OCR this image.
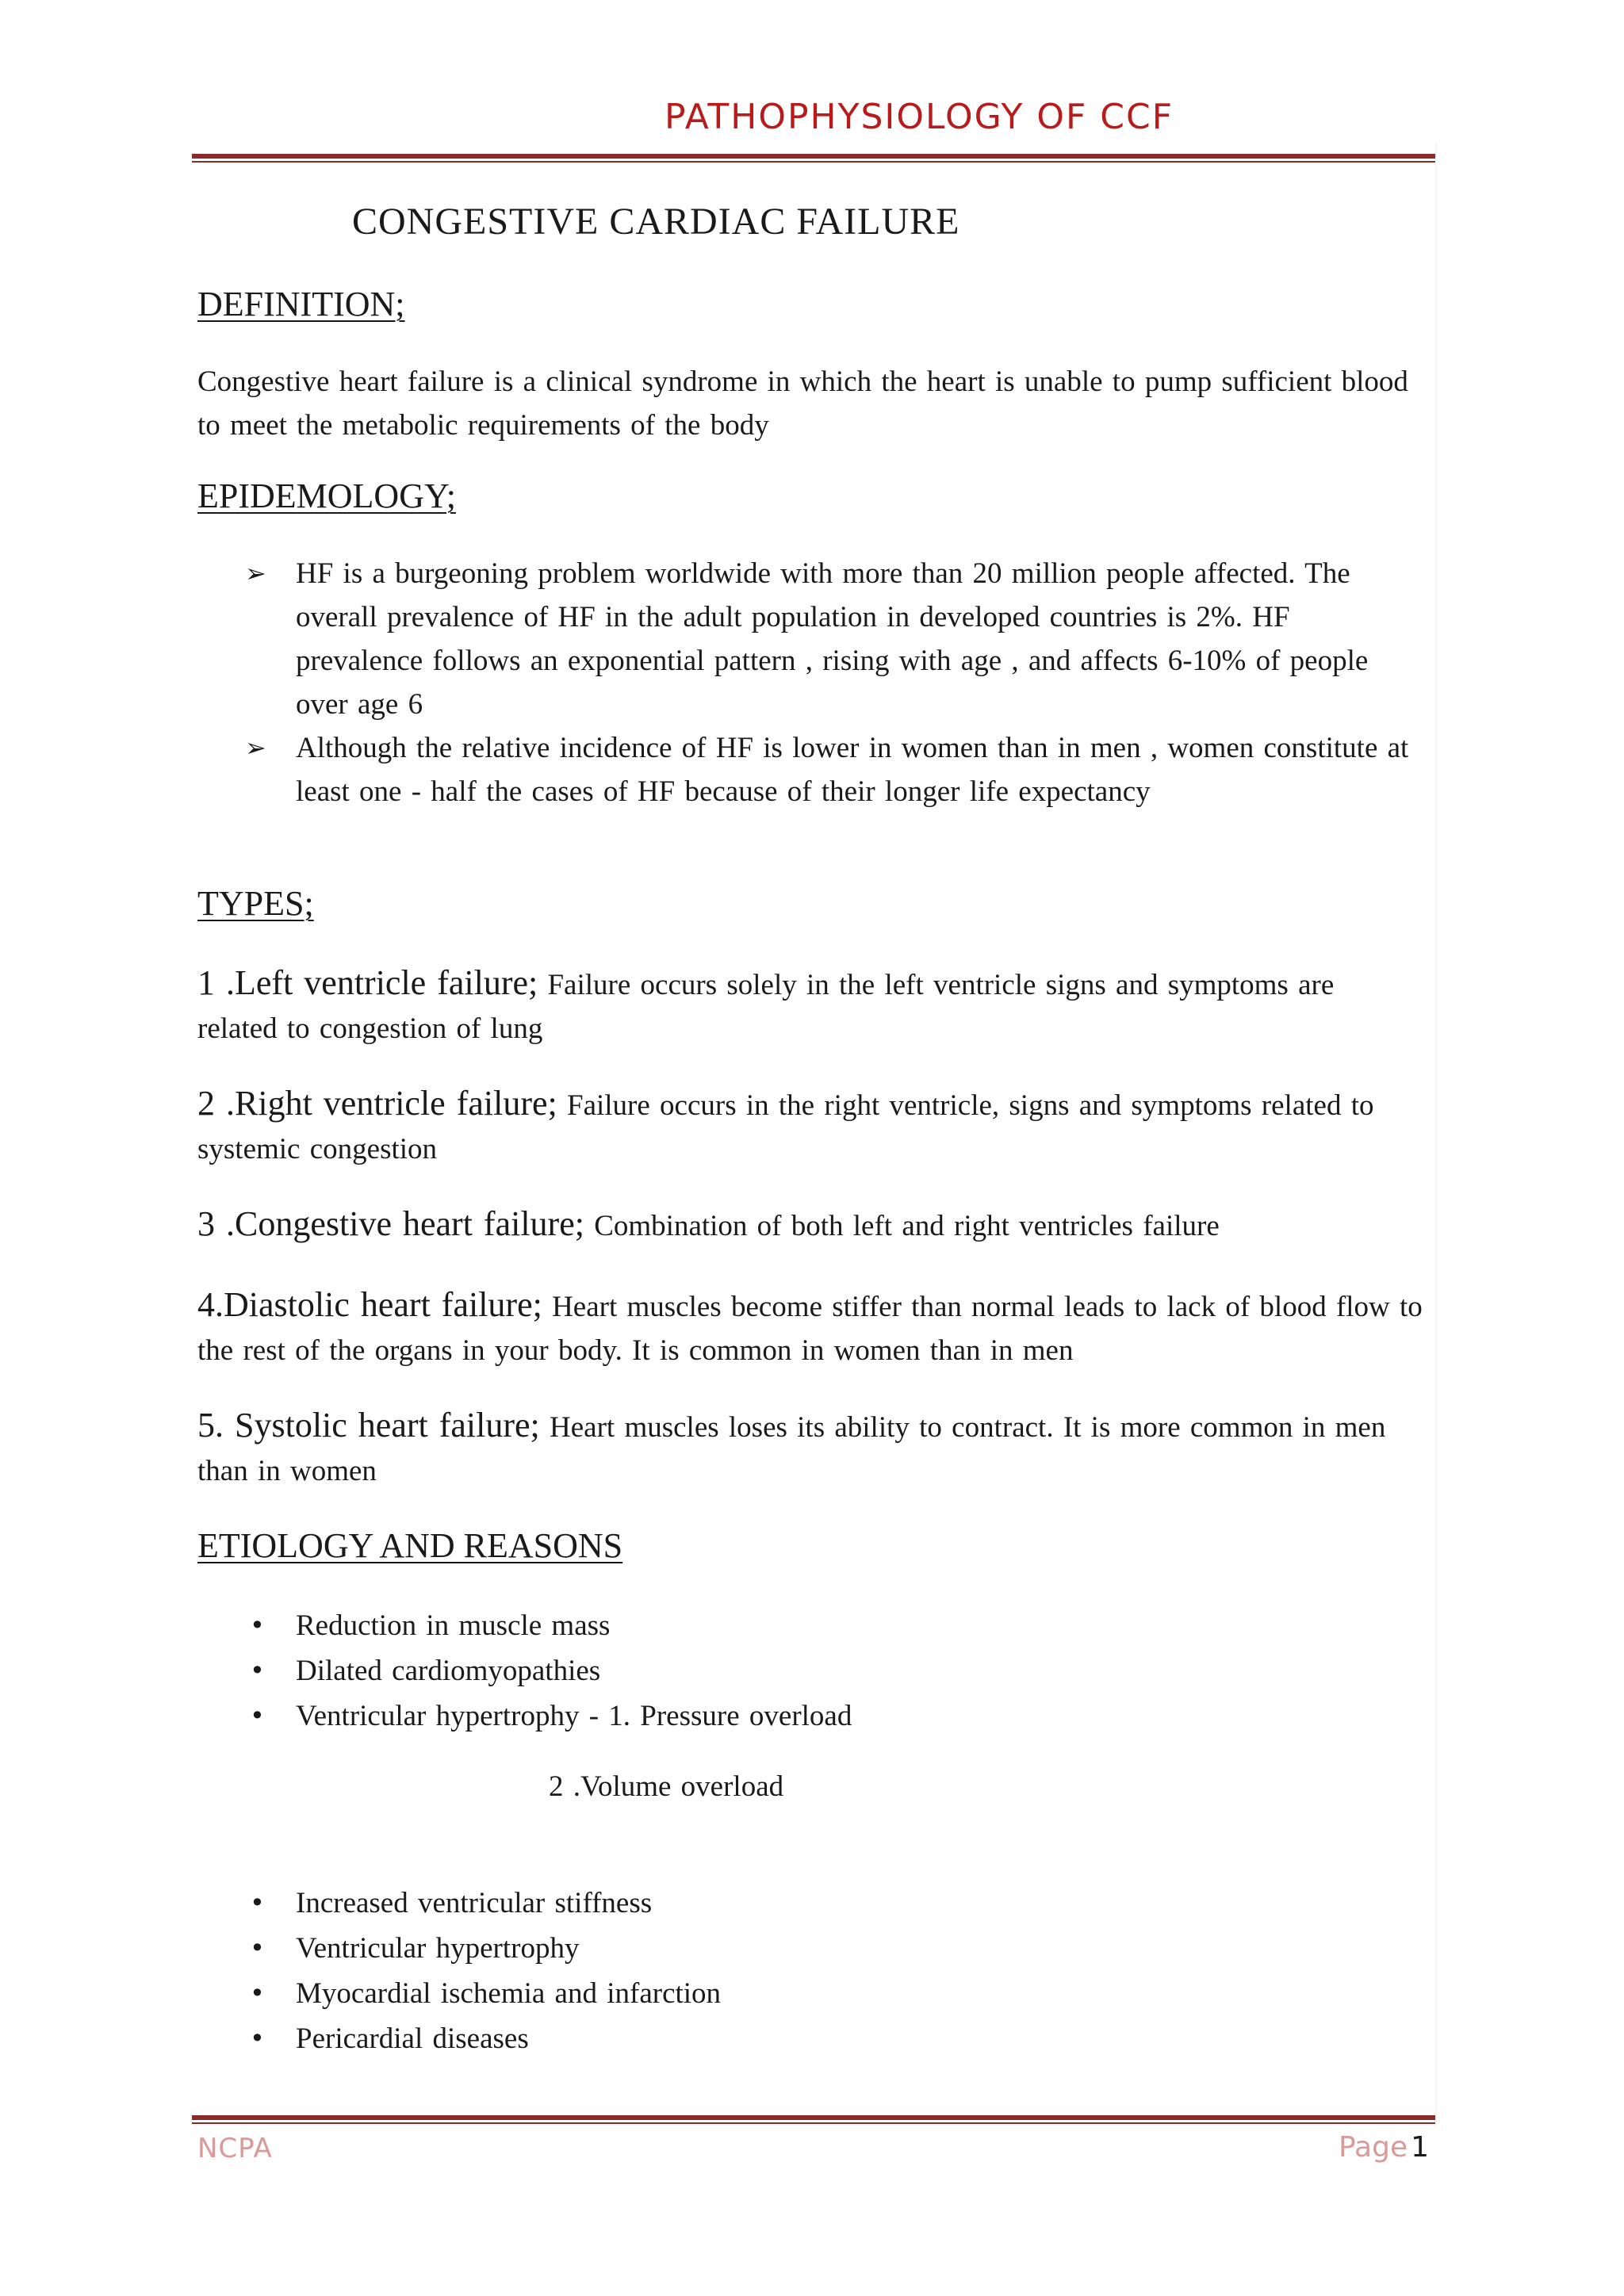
PATHOPHYSIOLOGY OF CCF
CONGESTIVE CARDIAC FAILURE
DEFINITION;
Congestive heart failure is a clinical syndrome in which the heart is unable to pump sufficient blood to meet the metabolic requirements of the body
EPIDEMOLOGY;
➢ HF is a burgeoning problem worldwide with more than 20 million people affected. The overall prevalence of HF in the adult population in developed countries is 2%. HF prevalence follows an exponential pattern , rising with age , and affects 6-10% of people over age 6
➢ Although the relative incidence of HF is lower in women than in men , women constitute at least one - half the cases of HF because of their longer life expectancy
TYPES;
1 .Left ventricle failure; Failure occurs solely in the left ventricle signs and symptoms are related to congestion of lung
2 .Right ventricle failure; Failure occurs in the right ventricle, signs and symptoms related to systemic congestion
3 .Congestive heart failure; Combination of both left and right ventricles failure
4.Diastolic heart failure; Heart muscles become stiffer than normal leads to lack of blood flow to the rest of the organs in your body. It is common in women than in men
5. Systolic heart failure; Heart muscles loses its ability to contract. It is more common in men than in women
ETIOLOGY AND REASONS
• Reduction in muscle mass
• Dilated cardiomyopathies
• Ventricular hypertrophy - 1. Pressure overload
2 .Volume overload
• Increased ventricular stiffness
• Ventricular hypertrophy
• Myocardial ischemia and infarction
• Pericardial diseases
NCPA	Page 1
